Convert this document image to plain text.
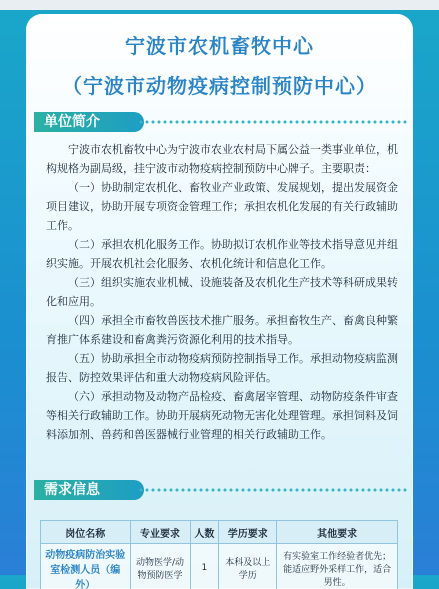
宁波市农机畜牧中心
（宁波市动物疫病控制预防中心）
单位简介

宁波市农机畜牧中心为宁波市农业农村局下属公益一类事业单位，机构规格为副局级，挂宁波市动物疫病控制预防中心牌子。主要职责：

（一）协助制定农机化、畜牧业产业政策、发展规划，提出发展资金项目建议，协助开展专项资金管理工作；承担农机化发展的有关行政辅助工作。

（二）承担农机化服务工作。协助拟订农机作业等技术指导意见并组织实施。开展农机社会化服务、农机化统计和信息化工作。

（三）组织实施农业机械、设施装备及农机化生产技术等科研成果转化和应用。

（四）承担全市畜牧兽医技术推广服务。承担畜牧生产、畜禽良种繁育推广体系建设和畜禽粪污资源化利用的技术指导。

（五）协助承担全市动物疫病预防控制指导工作。承担动物疫病监测报告、防控效果评估和重大动物疫病风险评估。

（六）承担动物及动物产品检疫、畜禽屠宰管理、动物防疫条件审查等相关行政辅助工作。协助开展病死动物无害化处理管理。承担饲料及饲料添加剂、兽药和兽医器械行业管理的相关行政辅助工作。

需求信息
岗位名称	专业要求	人数	学历要求	其他要求
动物疫病防治实验室检测人员（编外）	动物医学/动物预防医学	1	本科及以上学历	有实验室工作经验者优先；能适应野外采样工作，适合男性。
